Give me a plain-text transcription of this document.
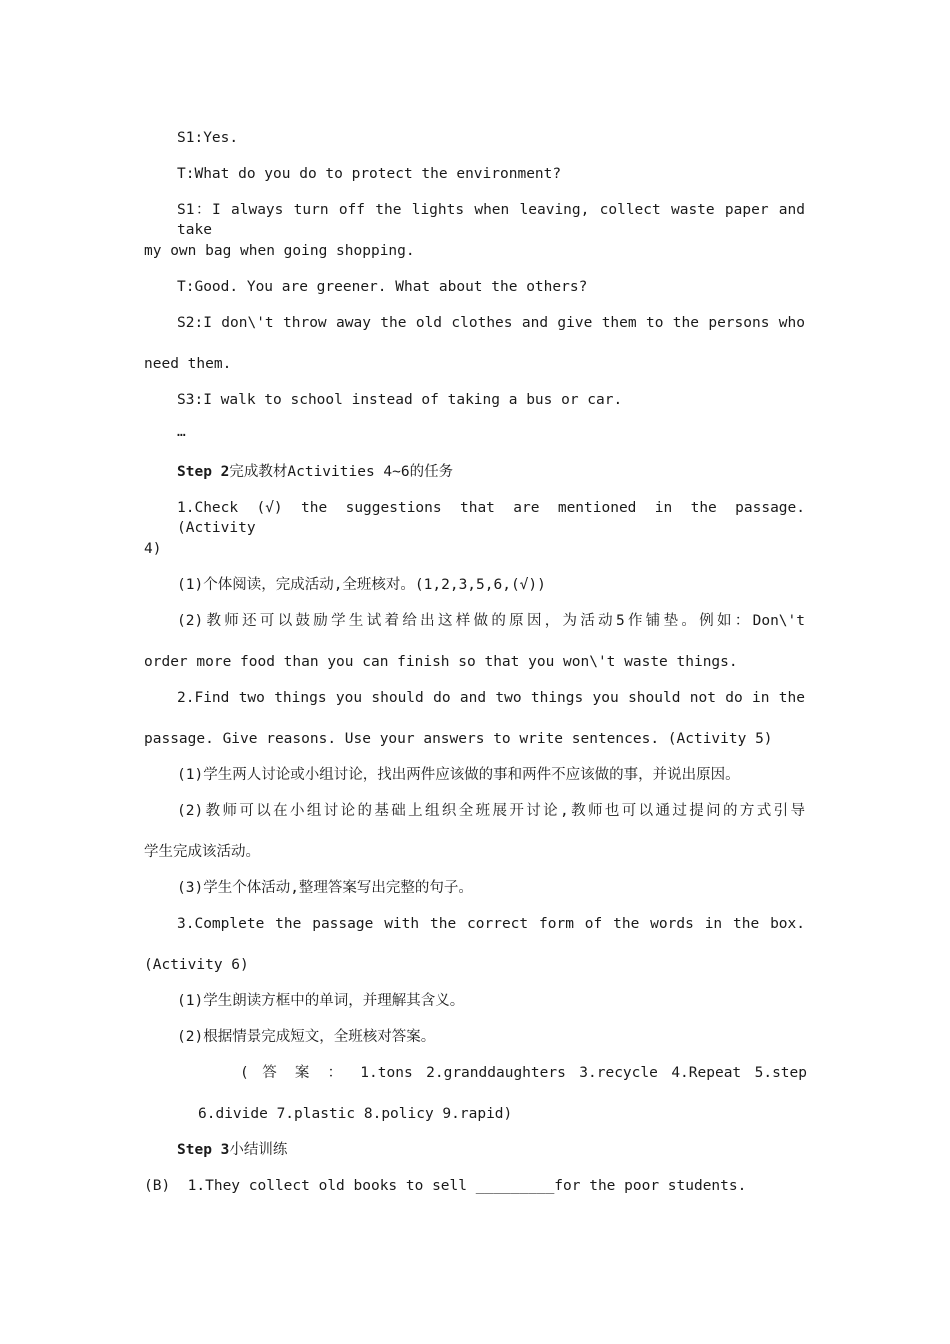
S1:Yes.
T:What do you do to protect the environment?
S1：I always turn off the lights when leaving, collect waste paper and take
my own bag when going shopping.
T:Good. You are greener. What about the others?
S2:I don\'t throw away the old clothes and give them to the persons who
need them.
S3:I walk to school instead of taking a bus or car.
…
Step 2完成教材Activities 4~6的任务
1.Check (√) the suggestions that are mentioned in the passage. (Activity
4)
(1)个体阅读，完成活动,全班核对。(1,2,3,5,6,(√))
(2)教师还可以鼓励学生试着给出这样做的原因，为活动5作铺垫。例如：Don\'t
order more food than you can finish so that you won\'t waste things.
2.Find two things you should do and two things you should not do in the
passage. Give reasons. Use your answers to write sentences. (Activity 5)
(1)学生两人讨论或小组讨论，找出两件应该做的事和两件不应该做的事，并说出原因。
(2)教师可以在小组讨论的基础上组织全班展开讨论,教师也可以通过提问的方式引导
学生完成该活动。
(3)学生个体活动,整理答案写出完整的句子。
3.Complete the passage with the correct form of the words in the box.
(Activity 6)
(1)学生朗读方框中的单词，并理解其含义。
(2)根据情景完成短文，全班核对答案。
( 答 案 ： 1.tons 2.granddaughters 3.recycle 4.Repeat 5.step
6.divide 7.plastic 8.policy 9.rapid)
Step 3小结训练
(B)  1.They collect old books to sell _________for the poor students.
